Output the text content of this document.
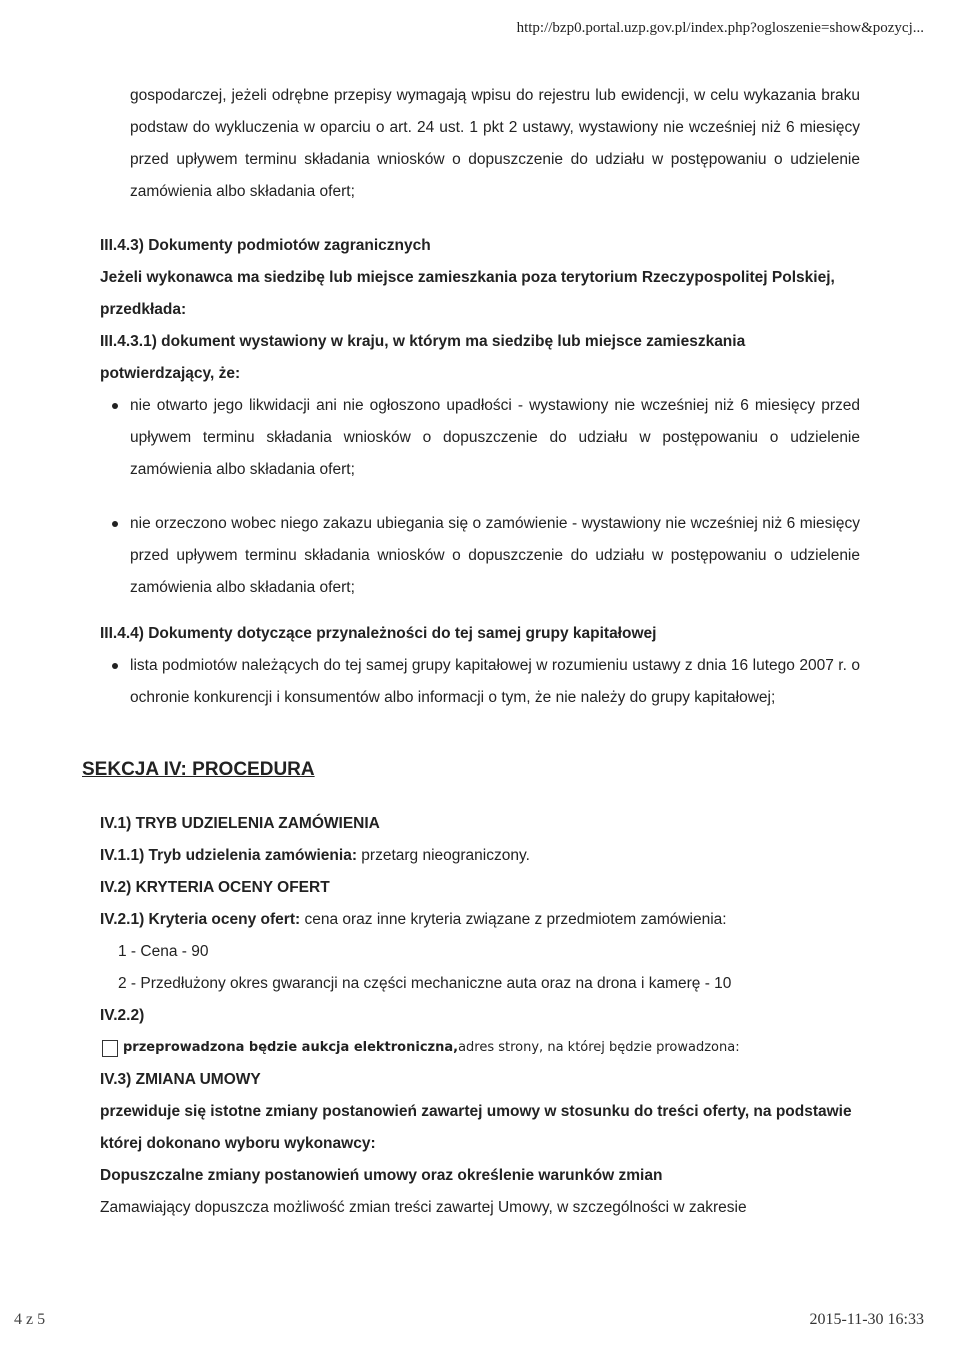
http://bzp0.portal.uzp.gov.pl/index.php?ogloszenie=show&pozycj...

gospodarczej, jeżeli odrębne przepisy wymagają wpisu do rejestru lub ewidencji, w celu wykazania braku podstaw do wykluczenia w oparciu o art. 24 ust. 1 pkt 2 ustawy, wystawiony nie wcześniej niż 6 miesięcy przed upływem terminu składania wniosków o dopuszczenie do udziału w postępowaniu o udzielenie zamówienia albo składania ofert;

III.4.3) Dokumenty podmiotów zagranicznych

Jeżeli wykonawca ma siedzibę lub miejsce zamieszkania poza terytorium Rzeczypospolitej Polskiej, przedkłada:

III.4.3.1) dokument wystawiony w kraju, w którym ma siedzibę lub miejsce zamieszkania potwierdzający, że:

nie otwarto jego likwidacji ani nie ogłoszono upadłości - wystawiony nie wcześniej niż 6 miesięcy przed upływem terminu składania wniosków o dopuszczenie do udziału w postępowaniu o udzielenie zamówienia albo składania ofert;
nie orzeczono wobec niego zakazu ubiegania się o zamówienie - wystawiony nie wcześniej niż 6 miesięcy przed upływem terminu składania wniosków o dopuszczenie do udziału w postępowaniu o udzielenie zamówienia albo składania ofert;

III.4.4) Dokumenty dotyczące przynależności do tej samej grupy kapitałowej

lista podmiotów należących do tej samej grupy kapitałowej w rozumieniu ustawy z dnia 16 lutego 2007 r. o ochronie konkurencji i konsumentów albo informacji o tym, że nie należy do grupy kapitałowej;
SEKCJA IV: PROCEDURA

IV.1) TRYB UDZIELENIA ZAMÓWIENIA

IV.1.1) Tryb udzielenia zamówienia: przetarg nieograniczony.

IV.2) KRYTERIA OCENY OFERT

IV.2.1) Kryteria oceny ofert: cena oraz inne kryteria związane z przedmiotem zamówienia:

1 - Cena - 90
2 - Przedłużony okres gwarancji na części mechaniczne auta oraz na drona i kamerę - 10

IV.2.2)

przeprowadzona będzie aukcja elektroniczna, adres strony, na której będzie prowadzona:

IV.3) ZMIANA UMOWY

przewiduje się istotne zmiany postanowień zawartej umowy w stosunku do treści oferty, na podstawie której dokonano wyboru wykonawcy:

Dopuszczalne zmiany postanowień umowy oraz określenie warunków zmian

Zamawiający dopuszcza możliwość zmian treści zawartej Umowy, w szczególności w zakresie

4 z 5	2015-11-30 16:33
